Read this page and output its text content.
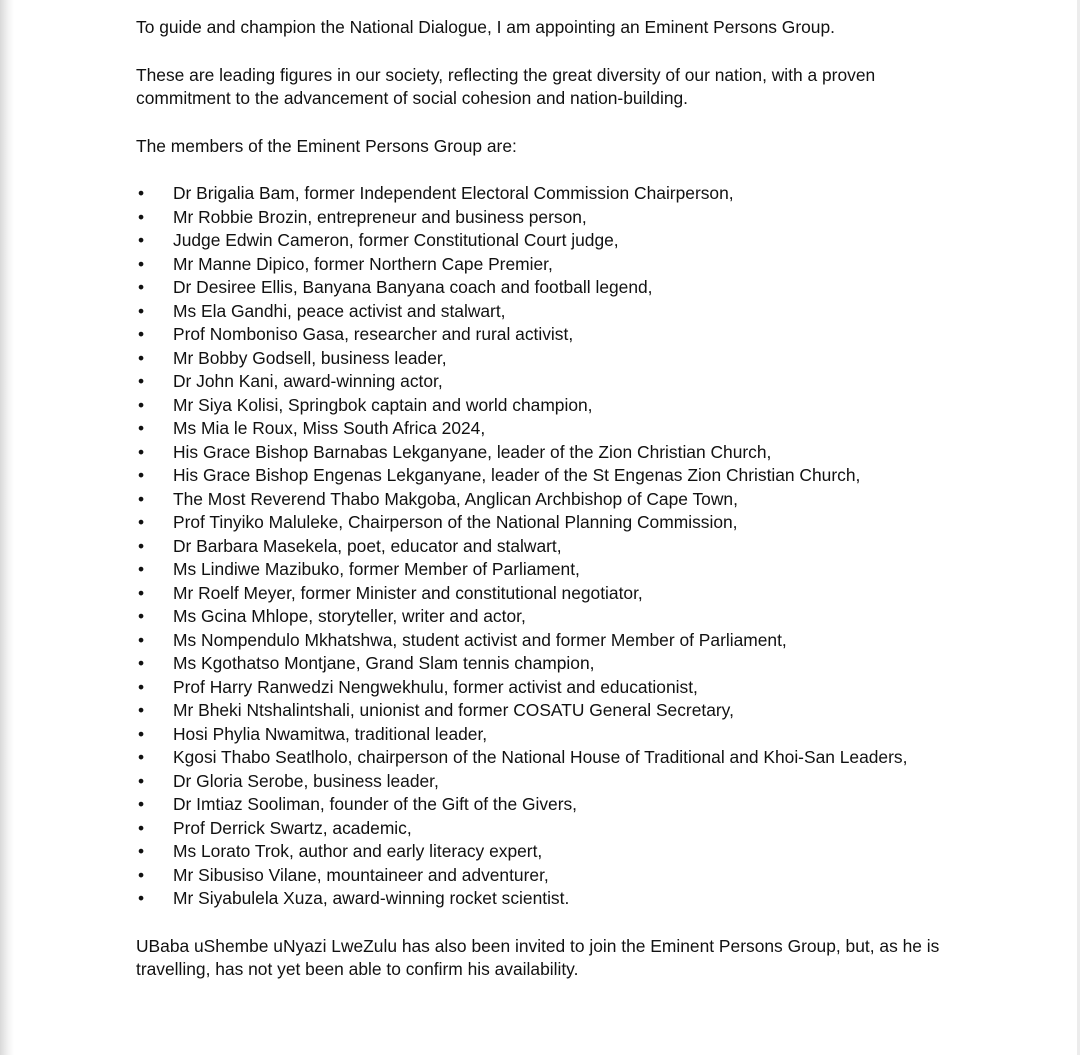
To guide and champion the National Dialogue, I am appointing an Eminent Persons Group.

These are leading figures in our society, reflecting the great diversity of our nation, with a proven commitment to the advancement of social cohesion and nation-building.

The members of the Eminent Persons Group are:

• Dr Brigalia Bam, former Independent Electoral Commission Chairperson,
• Mr Robbie Brozin, entrepreneur and business person,
• Judge Edwin Cameron, former Constitutional Court judge,
• Mr Manne Dipico, former Northern Cape Premier,
• Dr Desiree Ellis, Banyana Banyana coach and football legend,
• Ms Ela Gandhi, peace activist and stalwart,
• Prof Nomboniso Gasa, researcher and rural activist,
• Mr Bobby Godsell, business leader,
• Dr John Kani, award-winning actor,
• Mr Siya Kolisi, Springbok captain and world champion,
• Ms Mia le Roux, Miss South Africa 2024,
• His Grace Bishop Barnabas Lekganyane, leader of the Zion Christian Church,
• His Grace Bishop Engenas Lekganyane, leader of the St Engenas Zion Christian Church,
• The Most Reverend Thabo Makgoba, Anglican Archbishop of Cape Town,
• Prof Tinyiko Maluleke, Chairperson of the National Planning Commission,
• Dr Barbara Masekela, poet, educator and stalwart,
• Ms Lindiwe Mazibuko, former Member of Parliament,
• Mr Roelf Meyer, former Minister and constitutional negotiator,
• Ms Gcina Mhlope, storyteller, writer and actor,
• Ms Nompendulo Mkhatshwa, student activist and former Member of Parliament,
• Ms Kgothatso Montjane, Grand Slam tennis champion,
• Prof Harry Ranwedzi Nengwekhulu, former activist and educationist,
• Mr Bheki Ntshalintshali, unionist and former COSATU General Secretary,
• Hosi Phylia Nwamitwa, traditional leader,
• Kgosi Thabo Seatlholo, chairperson of the National House of Traditional and Khoi-San Leaders,
• Dr Gloria Serobe, business leader,
• Dr Imtiaz Sooliman, founder of the Gift of the Givers,
• Prof Derrick Swartz, academic,
• Ms Lorato Trok, author and early literacy expert,
• Mr Sibusiso Vilane, mountaineer and adventurer,
• Mr Siyabulela Xuza, award-winning rocket scientist.

UBaba uShembe uNyazi LweZulu has also been invited to join the Eminent Persons Group, but, as he is travelling, has not yet been able to confirm his availability.
